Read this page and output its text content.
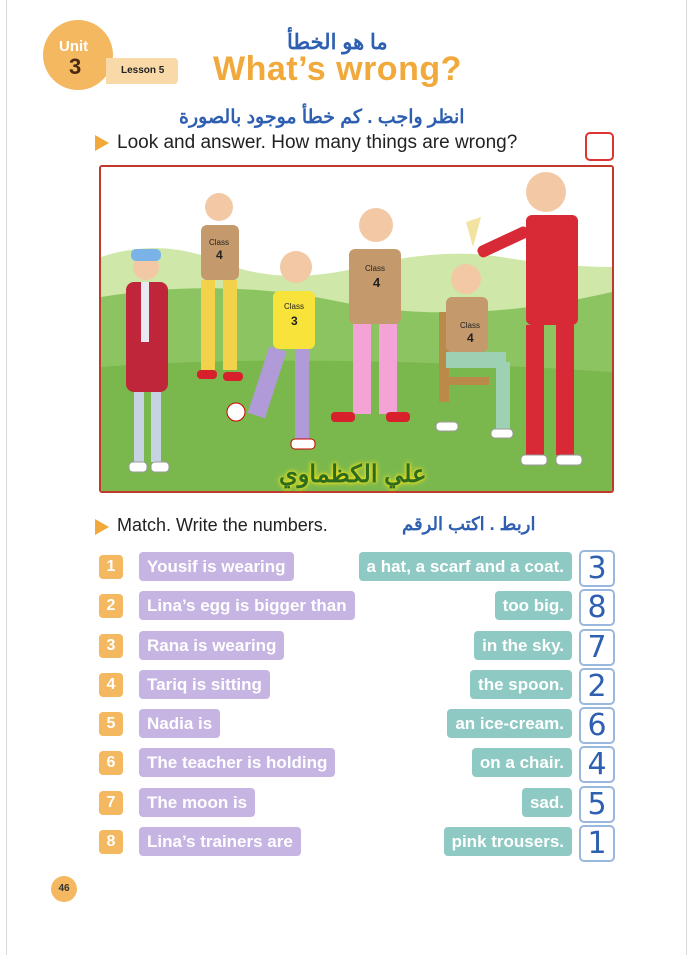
Unit
3	Lesson 5
ما هو الخطأ
What’s wrong?
انظر واجب . كم خطأ موجود بالصورة
Look and answer. How many things are wrong?
Class
4
Class
3
Class
4
Class
4
علي الكظماوي
Match. Write the numbers.	اربط . اكتب الرقم
1	Yousif is wearing	a hat, a scarf and a coat. 3
2	Lina’s egg is bigger than	too big. 8
3	Rana is wearing	in the sky. 7
4	Tariq is sitting	the spoon. 2
5	Nadia is	an ice-cream. 6
6	The teacher is holding	on a chair. 4
7	The moon is	sad. 5
8	Lina’s trainers are	pink trousers. 1
46
